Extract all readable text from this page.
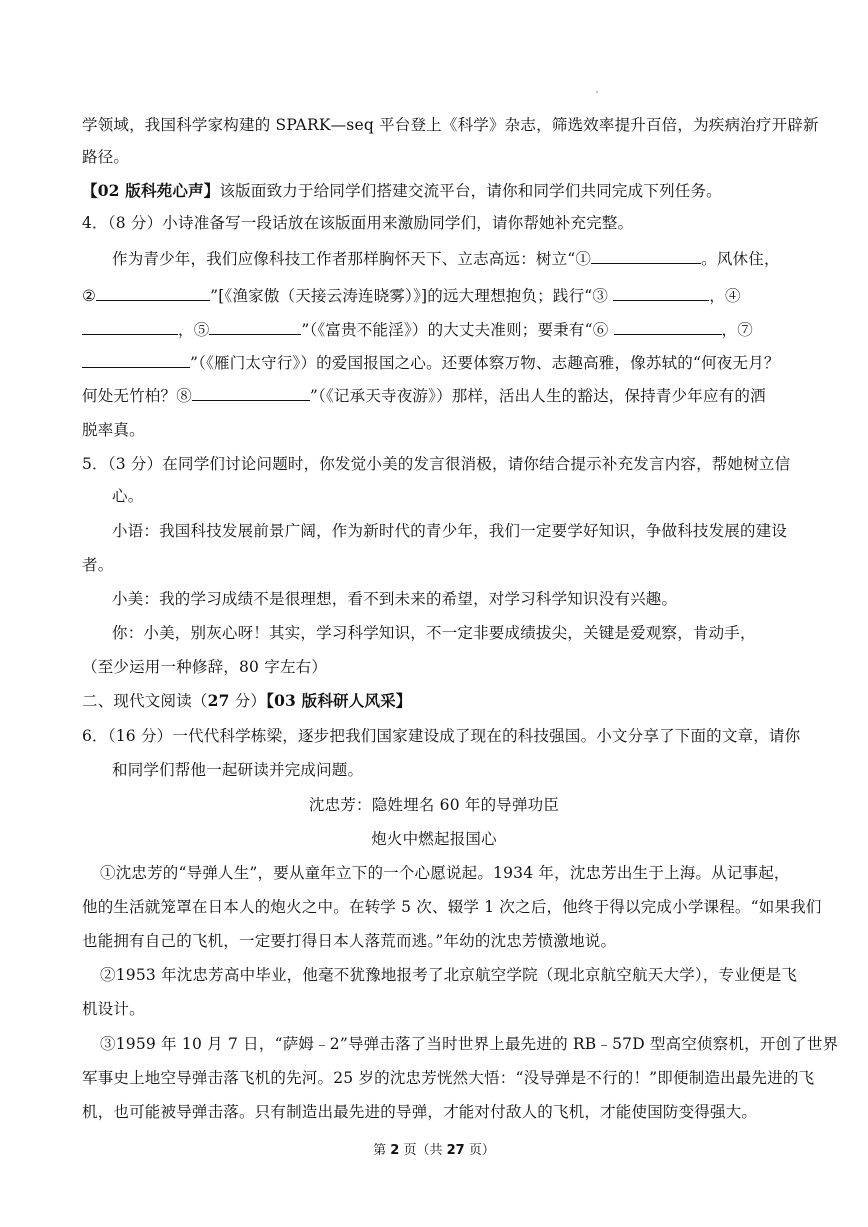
学领域，我国科学家构建的 SPARK—seq 平台登上《科学》杂志，筛选效率提升百倍，为疾病治疗开辟新
路径。
【02 版科苑心声】该版面致力于给同学们搭建交流平台，请你和同学们共同完成下列任务。
4．（8 分）小诗准备写一段话放在该版面用来激励同学们，请你帮她补充完整。
作为青少年，我们应像科技工作者那样胸怀天下、立志高远：树立“①	。风休住，
②	”[《渔家傲（天接云涛连晓雾）》]的远大理想抱负；践行“③	，④
，⑤	”（《富贵不能淫》）的大丈夫准则；要秉有“⑥	，⑦
”（《雁门太守行》）的爱国报国之心。还要体察万物、志趣高雅，像苏轼的“何夜无月？
何处无竹柏？⑧	”（《记承天寺夜游》）那样，活出人生的豁达，保持青少年应有的洒
脱率真。
5．（3 分）在同学们讨论问题时，你发觉小美的发言很消极，请你结合提示补充发言内容，帮她树立信
心。
小语：我国科技发展前景广阔，作为新时代的青少年，我们一定要学好知识，争做科技发展的建设
者。
小美：我的学习成绩不是很理想，看不到未来的希望，对学习科学知识没有兴趣。
你：小美，别灰心呀！其实，学习科学知识，不一定非要成绩拔尖，关键是爱观察，肯动手，
（至少运用一种修辞，80 字左右）
二、现代文阅读（27 分）【03 版科研人风采】
6．（16 分）一代代科学栋梁，逐步把我们国家建设成了现在的科技强国。小文分享了下面的文章，请你
和同学们帮他一起研读并完成问题。
沈忠芳：隐姓埋名 60 年的导弹功臣
炮火中燃起报国心
①沈忠芳的“导弹人生”，要从童年立下的一个心愿说起。1934 年，沈忠芳出生于上海。从记事起，
他的生活就笼罩在日本人的炮火之中。在转学 5 次、辍学 1 次之后，他终于得以完成小学课程。“如果我们
也能拥有自己的飞机，一定要打得日本人落荒而逃。”年幼的沈忠芳愤激地说。
②1953 年沈忠芳高中毕业，他毫不犹豫地报考了北京航空学院（现北京航空航天大学），专业便是飞
机设计。
③1959 年 10 月 7 日，“萨姆﹣2”导弹击落了当时世界上最先进的 RB﹣57D 型高空侦察机，开创了世界
军事史上地空导弹击落飞机的先河。25 岁的沈忠芳恍然大悟：“没导弹是不行的！”即便制造出最先进的飞
机，也可能被导弹击落。只有制造出最先进的导弹，才能对付敌人的飞机，才能使国防变得强大。
第 2 页（共 27 页）
